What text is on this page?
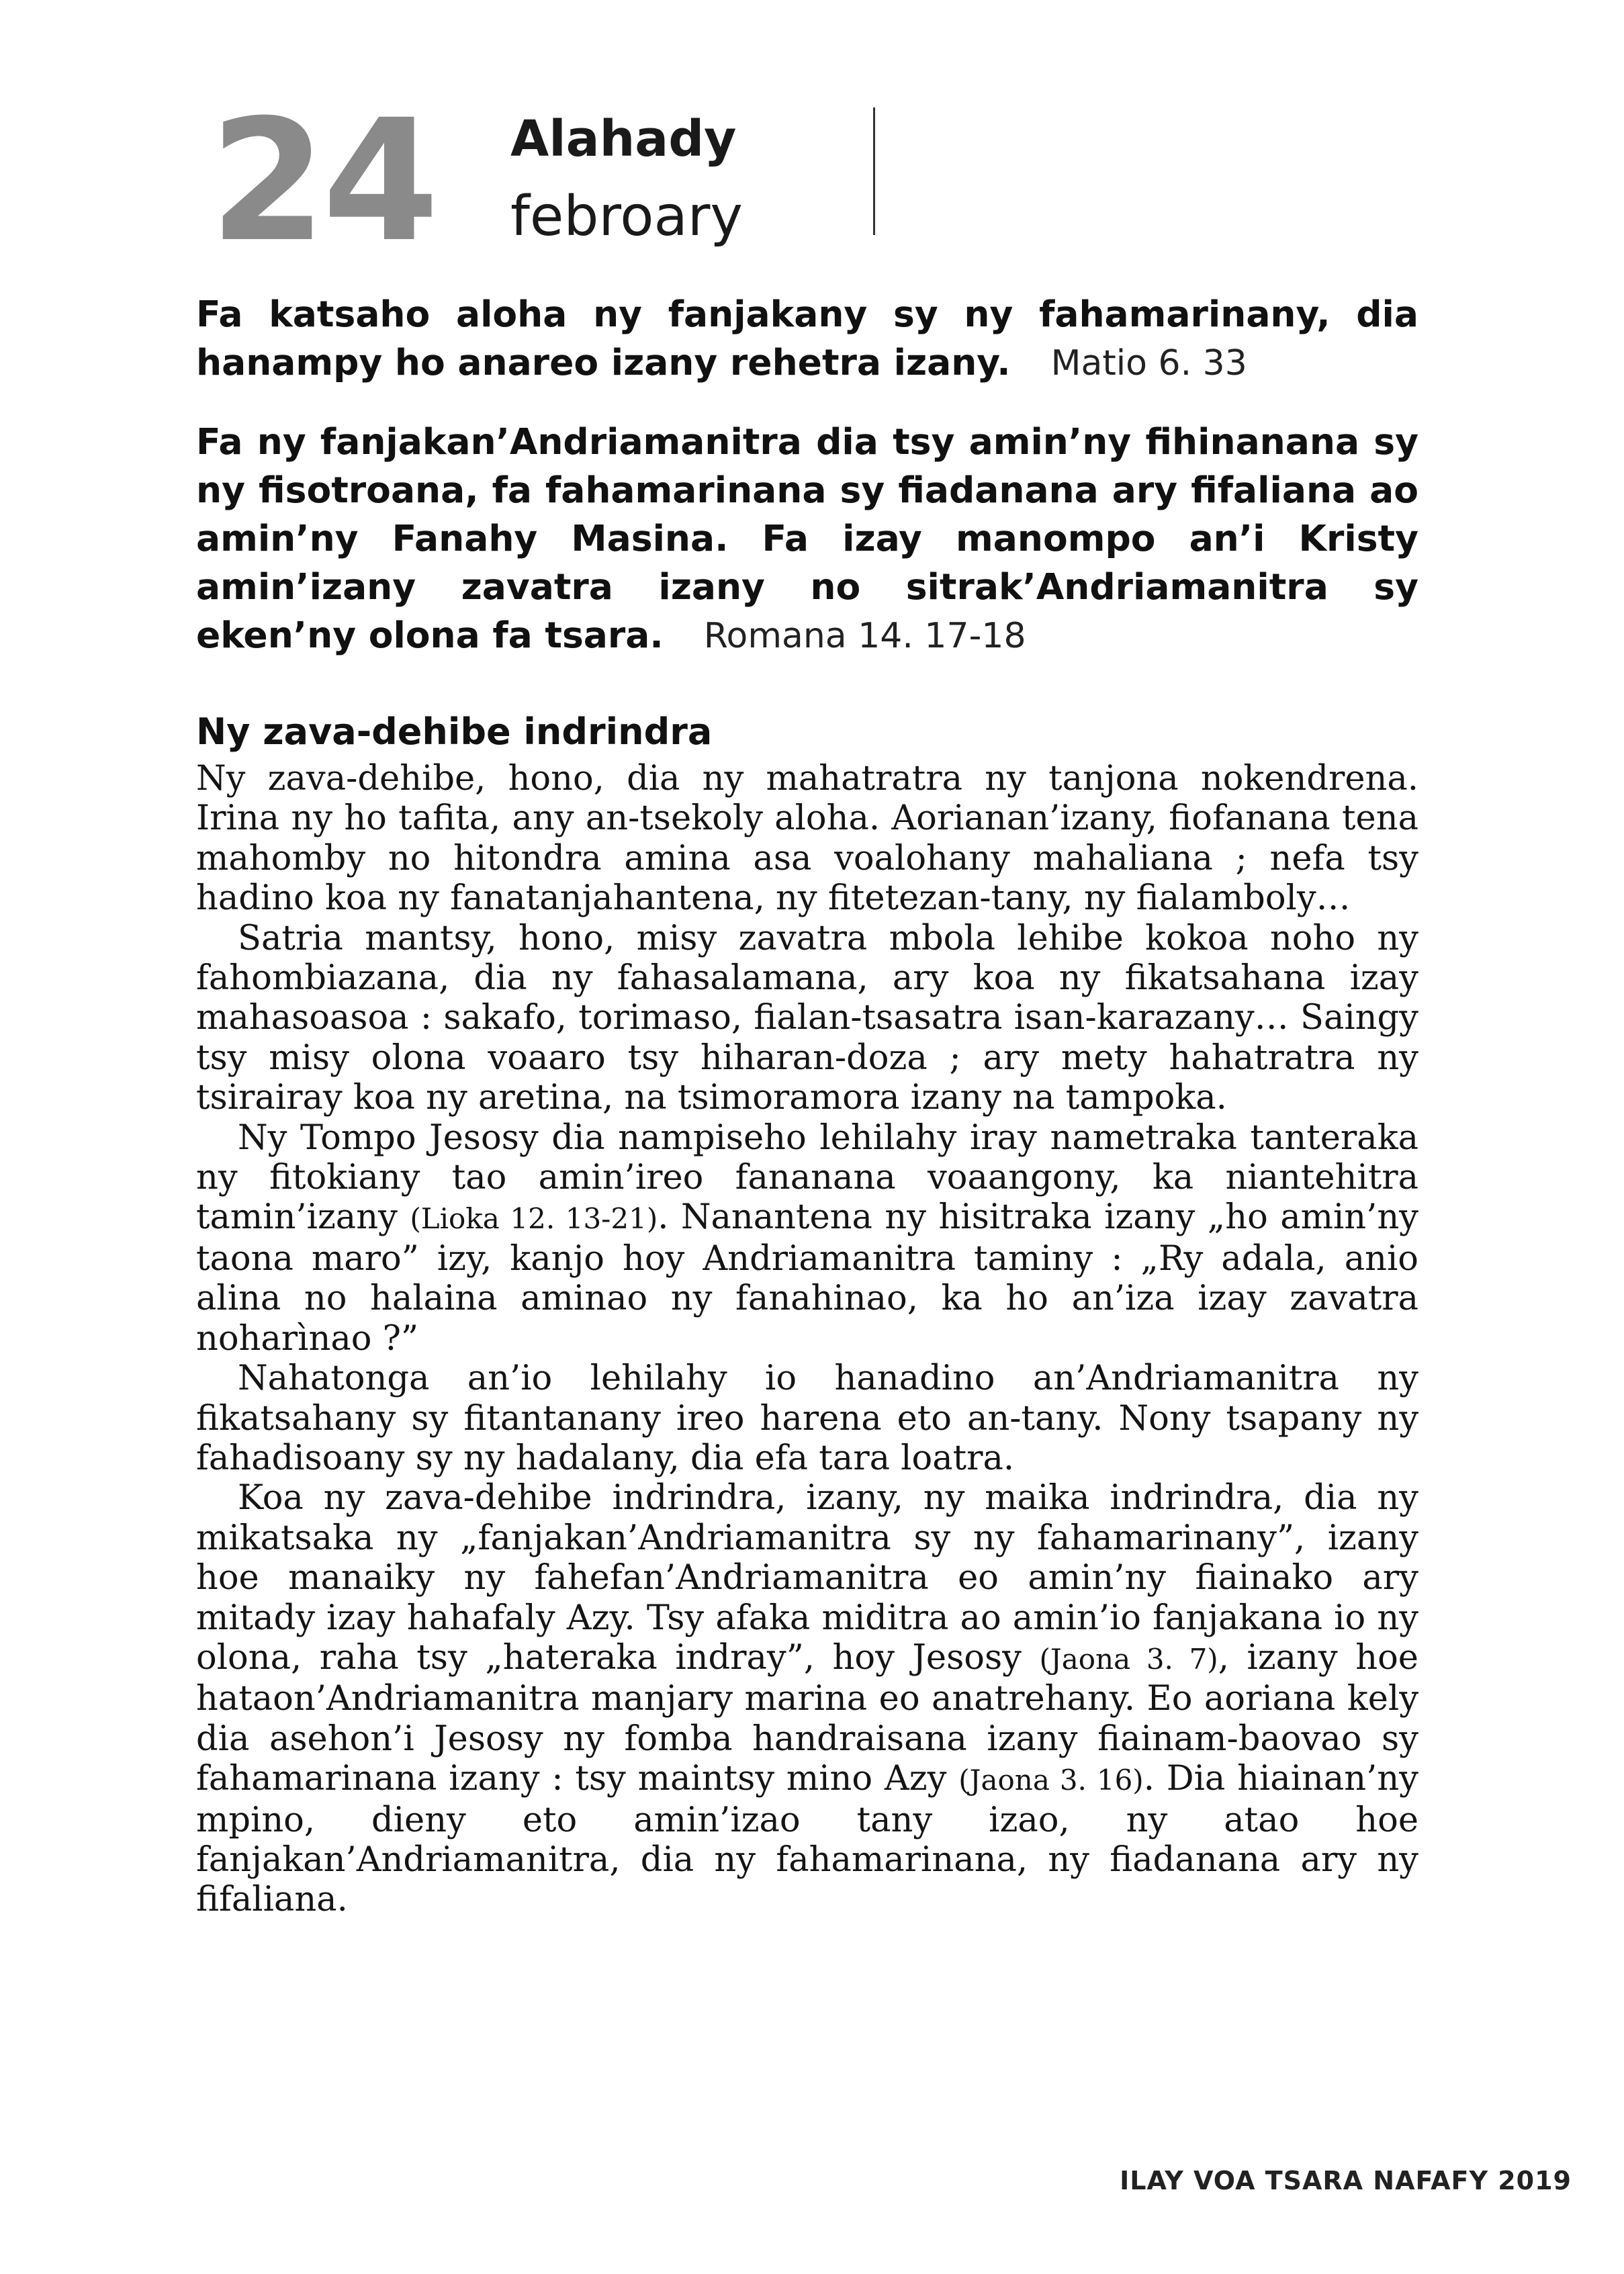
24 Alahady
febroary

Fa katsaho aloha ny fanjakany sy ny fahamarinany, dia hanampy ho anareo izany rehetra izany. Matio 6. 33

Fa ny fanjakan’Andriamanitra dia tsy amin’ny fihinanana sy ny fisotroana, fa fahamarinana sy fiadanana ary fifaliana ao amin’ny Fanahy Masina. Fa izay manompo an’i Kristy amin’izany zavatra izany no sitrak’Andriamanitra sy eken’ny olona fa tsara. Romana 14. 17-18

Ny zava-dehibe indrindra

Ny zava-dehibe, hono, dia ny mahatratra ny tanjona nokendrena. Irina ny ho tafita, any an-tsekoly aloha. Aorianan’izany, fiofanana tena mahomby no hitondra amina asa voalohany mahaliana ; nefa tsy hadino koa ny fanatanjahantena, ny fitetezan-tany, ny fialamboly…

Satria mantsy, hono, misy zavatra mbola lehibe kokoa noho ny fahombiazana, dia ny fahasalamana, ary koa ny fikatsahana izay mahasoasoa : sakafo, torimaso, fialan-tsasatra isan-karazany… Saingy tsy misy olona voaaro tsy hiharan-doza ; ary mety hahatratra ny tsirairay koa ny aretina, na tsimoramora izany na tampoka.

Ny Tompo Jesosy dia nampiseho lehilahy iray nametraka tanteraka ny fitokiany tao amin’ireo fananana voaangony, ka niantehitra tamin’izany (Lioka 12. 13-21). Nanantena ny hisitraka izany „ho amin’ny taona maro” izy, kanjo hoy Andriamanitra taminy : „Ry adala, anio alina no halaina aminao ny fanahinao, ka ho an’iza izay zavatra noharìnao ?”

Nahatonga an’io lehilahy io hanadino an’Andriamanitra ny fikatsahany sy fitantanany ireo harena eto an-tany. Nony tsapany ny fahadisoany sy ny hadalany, dia efa tara loatra.

Koa ny zava-dehibe indrindra, izany, ny maika indrindra, dia ny mikatsaka ny „fanjakan’Andriamanitra sy ny fahamarinany”, izany hoe manaiky ny fahefan’Andriamanitra eo amin’ny fiainako ary mitady izay hahafaly Azy. Tsy afaka miditra ao amin’io fanjakana io ny olona, raha tsy „hateraka indray”, hoy Jesosy (Jaona 3. 7), izany hoe hataon’Andriamanitra manjary marina eo anatrehany. Eo aoriana kely dia asehon’i Jesosy ny fomba handraisana izany fiainam-baovao sy fahamarinana izany : tsy maintsy mino Azy (Jaona 3. 16). Dia hiainan’ny mpino, dieny eto amin’izao tany izao, ny atao hoe fanjakan’Andriamanitra, dia ny fahamarinana, ny fiadanana ary ny fifaliana.

ILAY VOA TSARA NAFAFY 2019
